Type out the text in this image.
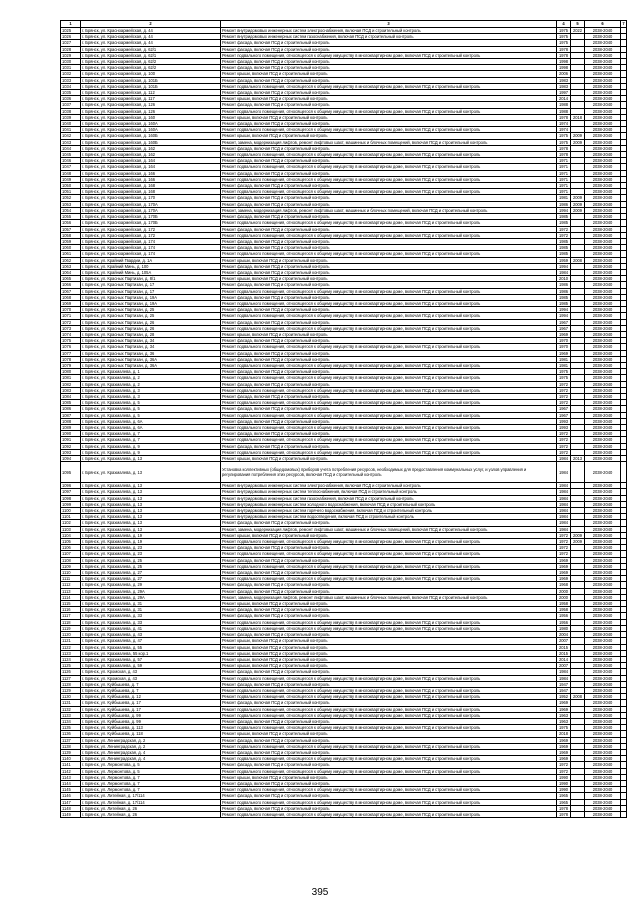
1	2	3	4	5	6	7
1025	г. Брянск, ул. Красноармейская, д. 44	Ремонт внутридомовых инженерных систем электроснабжения, включая ПСД и строительный контроль	1975	2022	2038-2040	
1026	г. Брянск, ул. Красноармейская, д. 44	Ремонт внутридомовых инженерных систем газоснабжения, включая ПСД и строительный контроль	1975		2038-2040	
1027	г. Брянск, ул. Красноармейская, д. 44	Ремонт фасада, включая ПСД и строительный контроль	1975		2038-2040	
1028	г. Брянск, ул. Красноармейская, д. 62/1	Ремонт фасада, включая ПСД и строительный контроль	1978		2038-2040	
1029	г. Брянск, ул. Красноармейская, д. 62/1	Ремонт подвального помещения, относящегося к общему имуществу в многоквартирном доме, включая ПСД и строительный контроль	1978		2038-2040	
1030	г. Брянск, ул. Красноармейская, д. 62/2	Ремонт фасада, включая ПСД и строительный контроль	1998		2038-2040	
1031	г. Брянск, ул. Красноармейская, д. 62/2	Ремонт фасада, включая ПСД и строительный контроль	1998		2038-2040	
1032	г. Брянск, ул. Красноармейская, д. 100	Ремонт крыши, включая ПСД и строительный контроль	2006		2038-2040	
1033	г. Брянск, ул. Красноармейская, д. 101Б	Ремонт фасада, включая ПСД и строительный контроль	1983		2038-2040	
1034	г. Брянск, ул. Красноармейская, д. 101Б	Ремонт подвального помещения, относящегося к общему имуществу в многоквартирном доме, включая ПСД и строительный контроль	1983		2038-2040	
1035	г. Брянск, ул. Красноармейская, д. 112	Ремонт фасада, включая ПСД и строительный контроль	1997		2038-2040	
1036	г. Брянск, ул. Красноармейская, д. 117	Ремонт крыши, включая ПСД и строительный контроль	2014		2038-2040	
1037	г. Брянск, ул. Красноармейская, д. 126	Ремонт фасада, включая ПСД и строительный контроль	1988		2038-2040	
1038	г. Брянск, ул. Красноармейская, д. 126	Ремонт подвального помещения, относящегося к общему имуществу в многоквартирном доме, включая ПСД и строительный контроль	1988		2038-2040	
1039	г. Брянск, ул. Красноармейская, д. 160	Ремонт крыши, включая ПСД и строительный контроль	1978	2018	2038-2040	
1040	г. Брянск, ул. Красноармейская, д. 160А	Ремонт фасада, включая ПСД и строительный контроль	1974		2038-2040	
1041	г. Брянск, ул. Красноармейская, д. 160А	Ремонт подвального помещения, относящегося к общему имуществу в многоквартирном доме, включая ПСД и строительный контроль	1974		2038-2040	
1042	г. Брянск, ул. Красноармейская, д. 160Б	Ремонт крыши, включая ПСД и строительный контроль	1975	2009	2038-2040	
1043	г. Брянск, ул. Красноармейская, д. 160Б	Ремонт, замена, модернизация лифтов, ремонт лифтовых шахт, машинных и блочных помещений, включая ПСД и строительный контроль	1975	2009	2038-2040	
1044	г. Брянск, ул. Красноармейская, д. 162	Ремонт фасада, включая ПСД и строительный контроль	1978		2038-2040	
1045	г. Брянск, ул. Красноармейская, д. 162	Ремонт подвального помещения, относящегося к общему имуществу в многоквартирном доме, включая ПСД и строительный контроль	1978		2038-2040	
1046	г. Брянск, ул. Красноармейская, д. 164	Ремонт фасада, включая ПСД и строительный контроль	1971		2038-2040	
1047	г. Брянск, ул. Красноармейская, д. 164	Ремонт подвального помещения, относящегося к общему имуществу в многоквартирном доме, включая ПСД и строительный контроль	1971		2038-2040	
1048	г. Брянск, ул. Красноармейская, д. 166	Ремонт фасада, включая ПСД и строительный контроль	1971		2038-2040	
1049	г. Брянск, ул. Красноармейская, д. 166	Ремонт подвального помещения, относящегося к общему имуществу в многоквартирном доме, включая ПСД и строительный контроль	1971		2038-2040	
1050	г. Брянск, ул. Красноармейская, д. 168	Ремонт фасада, включая ПСД и строительный контроль	1971		2038-2040	
1051	г. Брянск, ул. Красноармейская, д. 168	Ремонт подвального помещения, относящегося к общему имуществу в многоквартирном доме, включая ПСД и строительный контроль	1971		2038-2040	
1052	г. Брянск, ул. Красноармейская, д. 170	Ремонт фасада, включая ПСД и строительный контроль	1981	2009	2038-2040	
1053	г. Брянск, ул. Красноармейская, д. 170А	Ремонт фасада, включая ПСД и строительный контроль	1986	2009	2038-2040	
1054	г. Брянск, ул. Красноармейская, д. 170А	Ремонт, замена, модернизация лифтов, ремонт лифтовых шахт, машинных и блочных помещений, включая ПСД и строительный контроль	1994	2009	2038-2040	
1055	г. Брянск, ул. Красноармейская, д. 170Б	Ремонт фасада, включая ПСД и строительный контроль	1985		2038-2040	
1056	г. Брянск, ул. Красноармейская, д. 170Б	Ремонт подвального помещения, относящегося к общему имуществу в многоквартирном доме, включая ПСД и строительный контроль	1985		2038-2040	
1057	г. Брянск, ул. Красноармейская, д. 172	Ремонт фасада, включая ПСД и строительный контроль	1972		2038-2040	
1058	г. Брянск, ул. Красноармейская, д. 172	Ремонт подвального помещения, относящегося к общему имуществу в многоквартирном доме, включая ПСД и строительный контроль	1972		2038-2040	
1059	г. Брянск, ул. Красноармейская, д. 174	Ремонт фасада, включая ПСД и строительный контроль	1985		2038-2040	
1060	г. Брянск, ул. Красноармейская, д. 174	Ремонт фасада, включая ПСД и строительный контроль	1985		2038-2040	
1061	г. Брянск, ул. Красноармейская, д. 174	Ремонт подвального помещения, относящегося к общему имуществу в многоквартирном доме, включая ПСД и строительный контроль	1985		2038-2040	
1062	г. Брянск, ул. Крайний Гвардии, д. 1А	Ремонт крыши, включая ПСД и строительный контроль	1959	2008	2038-2040	
1063	г. Брянск, ул. Крайний Минь, д. 100	Ремонт фасада, включая ПСД и строительный контроль	1994		2038-2040	
1064	г. Брянск, ул. Крайний Минь, д. 105А	Ремонт фасада, включая ПСД и строительный контроль	1984		2038-2040	
1065	г. Брянск, ул. Красных Партизан, д. 8/1	Ремонт крыши, включая ПСД и строительный контроль	2010		2038-2040	
1066	г. Брянск, ул. Красных Партизан, д. 17	Ремонт фасада, включая ПСД и строительный контроль	1986		2038-2040	
1067	г. Брянск, ул. Красных Партизан, д. 17	Ремонт подвального помещения, относящегося к общему имуществу в многоквартирном доме, включая ПСД и строительный контроль	1986		2038-2040	
1068	г. Брянск, ул. Красных Партизан, д. 19А	Ремонт фасада, включая ПСД и строительный контроль	1985		2038-2040	
1069	г. Брянск, ул. Красных Партизан, д. 19А	Ремонт подвального помещения, относящегося к общему имуществу в многоквартирном доме, включая ПСД и строительный контроль	1985		2038-2040	
1070	г. Брянск, ул. Красных Партизан, д. 25	Ремонт фасада, включая ПСД и строительный контроль	1994		2038-2040	
1071	г. Брянск, ул. Красных Партизан, д. 25	Ремонт подвального помещения, относящегося к общему имуществу в многоквартирном доме, включая ПСД и строительный контроль	1994		2038-2040	
1072	г. Брянск, ул. Красных Партизан, д. 26	Ремонт фасада, включая ПСД и строительный контроль	1967		2038-2040	
1073	г. Брянск, ул. Красных Партизан, д. 26	Ремонт подвального помещения, относящегося к общему имуществу в многоквартирном доме, включая ПСД и строительный контроль	1967		2038-2040	
1074	г. Брянск, ул. Красных Партизан, д. 28	Ремонт крыши, включая ПСД и строительный контроль	1969		2038-2040	
1075	г. Брянск, ул. Красных Партизан, д. 34	Ремонт фасада, включая ПСД и строительный контроль	1970		2038-2040	
1076	г. Брянск, ул. Красных Партизан, д. 34	Ремонт подвального помещения, относящегося к общему имуществу в многоквартирном доме, включая ПСД и строительный контроль	1970		2038-2040	
1077	г. Брянск, ул. Красных Партизан, д. 36	Ремонт фасада, включая ПСД и строительный контроль	1969		2038-2040	
1078	г. Брянск, ул. Красных Партизан, д. 36А	Ремонт фасада, включая ПСД и строительный контроль	1981		2038-2040	
1079	г. Брянск, ул. Красных Партизан, д. 36А	Ремонт подвального помещения, относящегося к общему имуществу в многоквартирном доме, включая ПСД и строительный контроль	1981		2038-2040	
1080	г. Брянск, ул. Крахмалева, д. 1	Ремонт фасада, включая ПСД и строительный контроль	1975		2038-2040	
1081	г. Брянск, ул. Крахмалева, д. 2	Ремонт подвального помещения, относящегося к общему имуществу в многоквартирном доме, включая ПСД и строительный контроль	1975		2038-2040	
1082	г. Брянск, ул. Крахмалева, д. 2	Ремонт фасада, включая ПСД и строительный контроль	1972		2038-2040	
1083	г. Брянск, ул. Крахмалева, д. 3	Ремонт подвального помещения, относящегося к общему имуществу в многоквартирном доме, включая ПСД и строительный контроль	1972		2038-2040	
1084	г. Брянск, ул. Крахмалева, д. 3	Ремонт фасада, включая ПСД и строительный контроль	1972		2038-2040	
1085	г. Брянск, ул. Крахмалева, д. 5	Ремонт подвального помещения, относящегося к общему имуществу в многоквартирном доме, включая ПСД и строительный контроль	1972		2038-2040	
1086	г. Брянск, ул. Крахмалева, д. 5	Ремонт фасада, включая ПСД и строительный контроль	1967		2038-2040	
1087	г. Брянск, ул. Крахмалева, д. 5	Ремонт подвального помещения, относящегося к общему имуществу в многоквартирном доме, включая ПСД и строительный контроль	1967		2038-2040	
1088	г. Брянск, ул. Крахмалева, д. 6А	Ремонт фасада, включая ПСД и строительный контроль	1993		2038-2040	
1089	г. Брянск, ул. Крахмалева, д. 6А	Ремонт подвального помещения, относящегося к общему имуществу в многоквартирном доме, включая ПСД и строительный контроль	1993		2038-2040	
1090	г. Брянск, ул. Крахмалева, д. 7	Ремонт фасада, включая ПСД и строительный контроль	1972		2038-2040	
1091	г. Брянск, ул. Крахмалева, д. 7	Ремонт подвального помещения, относящегося к общему имуществу в многоквартирном доме, включая ПСД и строительный контроль	1972		2038-2040	
1092	г. Брянск, ул. Крахмалева, д. 9	Ремонт фасада, включая ПСД и строительный контроль	1972		2038-2040	
1093	г. Брянск, ул. Крахмалева, д. 9	Ремонт подвального помещения, относящегося к общему имуществу в многоквартирном доме, включая ПСД и строительный контроль	1972		2038-2040	
1094	г. Брянск, ул. Крахмалева, д. 13	Ремонт крыши, включая ПСД и строительный контроль	1984	2013	2038-2040	
1095	г. Брянск, ул. Крахмалева, д. 13	Установка коллективных (общедомовых) приборов учета потребления ресурсов, необходимых для предоставления коммунальных услуг, и узлов управления и регулирования потребления этих ресурсов, включая ПСД и строительный контроль	1984		2038-2040	
1096	г. Брянск, ул. Крахмалева, д. 13	Ремонт внутридомовых инженерных систем электроснабжения, включая ПСД и строительный контроль	1984		2038-2040	
1097	г. Брянск, ул. Крахмалева, д. 13	Ремонт внутридомовых инженерных систем теплоснабжения, включая ПСД и строительный контроль	1984		2038-2040	
1098	г. Брянск, ул. Крахмалева, д. 13	Ремонт внутридомовых инженерных систем газоснабжения, включая ПСД и строительный контроль	1984		2038-2040	
1099	г. Брянск, ул. Крахмалева, д. 13	Ремонт внутридомовых инженерных систем холодного водоснабжения, включая ПСД и строительный контроль	1984		2038-2040	
1100	г. Брянск, ул. Крахмалева, д. 13	Ремонт внутридомовых инженерных систем горячего водоснабжения, включая ПСД и строительный контроль	1984		2038-2040	
1101	г. Брянск, ул. Крахмалева, д. 13	Ремонт внутридомовых инженерных систем водоотведения, включая ПСД и строительный контроль	1984		2038-2040	
1102	г. Брянск, ул. Крахмалева, д. 13	Ремонт фасада, включая ПСД и строительный контроль	1984		2038-2040	
1103	г. Брянск, ул. Крахмалева, д. 13	Ремонт, замена, модернизация лифтов, ремонт лифтовых шахт, машинных и блочных помещений, включая ПСД и строительный контроль	1984		2038-2040	
1104	г. Брянск, ул. Крахмалева, д. 19	Ремонт крыши, включая ПСД и строительный контроль	1972	2009	2038-2040	
1105	г. Брянск, ул. Крахмалева, д. 19	Ремонт подвального помещения, относящегося к общему имуществу в многоквартирном доме, включая ПСД и строительный контроль	1972	2009	2038-2040	
1106	г. Брянск, ул. Крахмалева, д. 23	Ремонт фасада, включая ПСД и строительный контроль	1972		2038-2040	
1107	г. Брянск, ул. Крахмалева, д. 23	Ремонт подвального помещения, относящегося к общему имуществу в многоквартирном доме, включая ПСД и строительный контроль	1972		2038-2040	
1108	г. Брянск, ул. Крахмалева, д. 25	Ремонт фасада, включая ПСД и строительный контроль	1969		2038-2040	
1109	г. Брянск, ул. Крахмалева, д. 25	Ремонт подвального помещения, относящегося к общему имуществу в многоквартирном доме, включая ПСД и строительный контроль	1969		2038-2040	
1110	г. Брянск, ул. Крахмалева, д. 27	Ремонт фасада, включая ПСД и строительный контроль	1969		2038-2040	
1111	г. Брянск, ул. Крахмалева, д. 27	Ремонт подвального помещения, относящегося к общему имуществу в многоквартирном доме, включая ПСД и строительный контроль	1969		2038-2040	
1112	г. Брянск, ул. Крахмалева, д. 29	Ремонт фасада, включая ПСД и строительный контроль	1968		2038-2040	
1113	г. Брянск, ул. Крахмалева, д. 29А	Ремонт фасада, включая ПСД и строительный контроль	2000		2038-2040	
1114	г. Брянск, ул. Крахмалева, д. 29А	Ремонт, замена, модернизация лифтов, ремонт лифтовых шахт, машинных и блочных помещений, включая ПСД и строительный контроль	2000		2038-2040	
1115	г. Брянск, ул. Крахмалева, д. 31	Ремонт крыши, включая ПСД и строительный контроль	1958		2038-2040	
1116	г. Брянск, ул. Крахмалева, д. 31	Ремонт фасада, включая ПСД и строительный контроль	1958		2038-2040	
1117	г. Брянск, ул. Крахмалева, д. 33	Ремонт фасада, включая ПСД и строительный контроль	1956		2038-2040	
1118	г. Брянск, ул. Крахмалева, д. 33	Ремонт подвального помещения, относящегося к общему имуществу в многоквартирном доме, включая ПСД и строительный контроль	1956		2038-2040	
1119	г. Брянск, ул. Крахмалева, д. 41	Ремонт подвального помещения, относящегося к общему имуществу в многоквартирном доме, включая ПСД и строительный контроль	1980		2038-2040	
1120	г. Брянск, ул. Крахмалева, д. 43	Ремонт фасада, включая ПСД и строительный контроль	2004		2038-2040	
1121	г. Брянск, ул. Крахмалева, д. 47	Ремонт крыши, включая ПСД и строительный контроль	2007		2038-2040	
1122	г. Брянск, ул. Крахмалева, д. 55	Ремонт крыши, включая ПСД и строительный контроль	2015		2038-2040	
1123	г. Брянск, ул. Крахмалева, 55 кор.1	Ремонт крыши, включая ПСД и строительный контроль	2015		2038-2040	
1124	г. Брянск, ул. Крахмалева, д. 57	Ремонт крыши, включая ПСД и строительный контроль	2014		2038-2040	
1125	г. Брянск, ул. Крахмалева, д. 59	Ремонт крыши, включая ПСД и строительный контроль	2007		2038-2040	
1126	г. Брянск, ул. Кромская, д. 43	Ремонт фасада, включая ПСД и строительный контроль	1984		2038-2040	
1127	г. Брянск, ул. Кромская, д. 43	Ремонт подвального помещения, относящегося к общему имуществу в многоквартирном доме, включая ПСД и строительный контроль	1984		2038-2040	
1128	г. Брянск, ул. Куйбышева, д. 7	Ремонт фасада, включая ПСД и строительный контроль	1947		2038-2040	
1129	г. Брянск, ул. Куйбышева, д. 7	Ремонт подвального помещения, относящегося к общему имуществу в многоквартирном доме, включая ПСД и строительный контроль	1947		2038-2040	
1130	г. Брянск, ул. Куйбышева, д. 12	Ремонт подвального помещения, относящегося к общему имуществу в многоквартирном доме, включая ПСД и строительный контроль	1952	2008	2038-2040	
1131	г. Брянск, ул. Куйбышева, д. 17	Ремонт фасада, включая ПСД и строительный контроль	1969		2038-2040	
1132	г. Брянск, ул. Куйбышева, д. 17	Ремонт подвального помещения, относящегося к общему имуществу в многоквартирном доме, включая ПСД и строительный контроль	1969		2038-2040	
1133	г. Брянск, ул. Куйбышева, д. 99	Ремонт подвального помещения, относящегося к общему имуществу в многоквартирном доме, включая ПСД и строительный контроль	1963		2038-2040	
1134	г. Брянск, ул. Куйбышева, д. 99	Ремонт фасада, включая ПСД и строительный контроль	1963		2038-2040	
1135	г. Брянск, ул. Куйбышева, д. 113	Ремонт подвального помещения, относящегося к общему имуществу в многоквартирном доме, включая ПСД и строительный контроль	1975		2038-2040	
1136	г. Брянск, ул. Куйбышева, д. 118	Ремонт крыши, включая ПСД и строительный контроль	2018		2038-2040	
1137	г. Брянск, ул. Ленинградская, д. 2	Ремонт фасада, включая ПСД и строительный контроль	1969		2038-2040	
1138	г. Брянск, ул. Ленинградская, д. 2	Ремонт подвального помещения, относящегося к общему имуществу в многоквартирном доме, включая ПСД и строительный контроль	1969		2038-2040	
1139	г. Брянск, ул. Ленинградская, д. 4	Ремонт фасада, включая ПСД и строительный контроль	1969		2038-2040	
1140	г. Брянск, ул. Ленинградская, д. 4	Ремонт подвального помещения, относящегося к общему имуществу в многоквартирном доме, включая ПСД и строительный контроль	1969		2038-2040	
1141	г. Брянск, ул. Лермонтова, д. 5	Ремонт фасада, включая ПСД и строительный контроль	1972		2038-2040	
1142	г. Брянск, ул. Лермонтова, д. 5	Ремонт подвального помещения, относящегося к общему имуществу в многоквартирном доме, включая ПСД и строительный контроль	1972		2038-2040	
1143	г. Брянск, ул. Лермонтова, д. 7	Ремонт крыши, включая ПСД и строительный контроль	1990		2038-2040	
1144	г. Брянск, ул. Лермонтова, д. 7	Ремонт фасада, включая ПСД и строительный контроль	1990		2038-2040	
1145	г. Брянск, ул. Лермонтова, д. 7	Ремонт подвального помещения, относящегося к общему имуществу в многоквартирном доме, включая ПСД и строительный контроль	1990		2038-2040	
1146	г. Брянск, ул. Литейная, д. 17/114	Ремонт фасада, включая ПСД и строительный контроль	1965		2038-2040	
1147	г. Брянск, ул. Литейная, д. 17/114	Ремонт подвального помещения, относящегося к общему имуществу в многоквартирном доме, включая ПСД и строительный контроль	1965		2038-2040	
1148	г. Брянск, ул. Литейная, д. 26	Ремонт фасада, включая ПСД и строительный контроль	1978		2038-2040	
1149	г. Брянск, ул. Литейная, д. 26	Ремонт подвального помещения, относящегося к общему имуществу в многоквартирном доме, включая ПСД и строительный контроль	1978		2038-2040	
395
